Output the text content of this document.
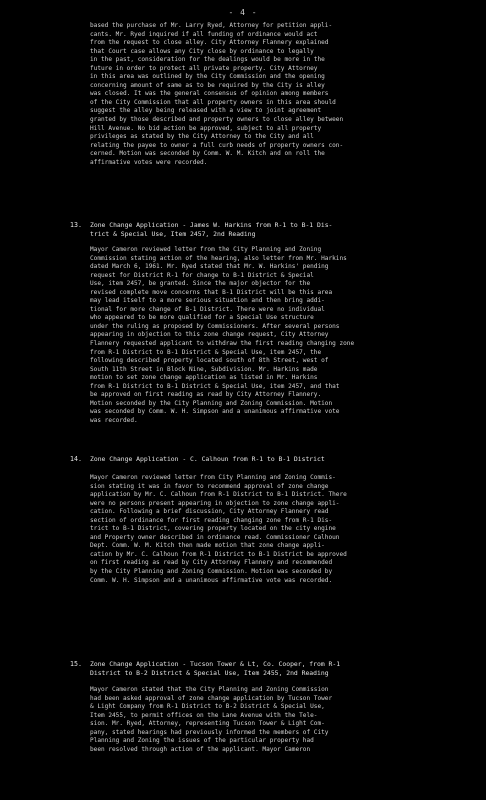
- 4 -
based the purchase of Mr. Larry Ryed, Attorney for petition appli-
cants. Mr. Ryed inquired if all funding of ordinance would act
from the request to close alley. City Attorney Flannery explained
that Court case allows any City close by ordinance to legally
in the past, consideration for the dealings would be more in the
future in order to protect all private property. City Attorney
in this area was outlined by the City Commission and the opening
concerning amount of same as to be required by the City is alley
was closed. It was the general consensus of opinion among members
of the City Commission that all property owners in this area should
suggest the alley being released with a view to joint agreement
granted by those described and property owners to close alley between
Hill Avenue. No bid action be approved, subject to all property
privileges as stated by the City Attorney to the City and all
relating the payee to owner a full curb needs of property owners con-
cerned. Motion was seconded by Comm. W. M. Kitch and on roll the
affirmative votes were recorded.
13. Zone Change Application - James W. Harkins from R-1 to B-1 Dis-
trict & Special Use, Item 2457, 2nd Reading
Mayor Cameron reviewed letter from the City Planning and Zoning
Commission stating action of the hearing, also letter from Mr. Harkins
dated March 6, 1961. Mr. Ryed stated that Mr. W. Harkins' pending
request for District R-1 for change to B-1 District & Special
Use, item 2457, be granted. Since the major objector for the
revised complete move concerns that B-1 District will be this area
may lead itself to a more serious situation and then bring addi-
tional for more change of B-1 District. There were no individual
who appeared to be more qualified for a Special Use structure
under the ruling as proposed by Commissioners. After several persons
appearing in objection to this zone change request, City Attorney
Flannery requested applicant to withdraw the first reading changing zone
from R-1 District to B-1 District & Special Use, item 2457, the
following described property located south of 8th Street, west of
South 11th Street in Block Nine, Subdivision. Mr. Harkins made
motion to set zone change application as listed in Mr. Harkins
from R-1 District to B-1 District & Special Use, item 2457, and that
be approved on first reading as read by City Attorney Flannery.
Motion seconded by the City Planning and Zoning Commission. Motion
was seconded by Comm. W. H. Simpson and a unanimous affirmative vote
was recorded.
14. Zone Change Application - C. Calhoun from R-1 to B-1 District
Mayor Cameron reviewed letter from City Planning and Zoning Commis-
sion stating it was in favor to recommend approval of zone change
application by Mr. C. Calhoun from R-1 District to B-1 District. There
were no persons present appearing in objection to zone change appli-
cation. Following a brief discussion, City Attorney Flannery read
section of ordinance for first reading changing zone from R-1 Dis-
trict to B-1 District, covering property located on the city engine
and Property owner described in ordinance read. Commissioner Calhoun
Dept. Comm. W. M. Kitch then made motion that zone change appli-
cation by Mr. C. Calhoun from R-1 District to B-1 District be approved
on first reading as read by City Attorney Flannery and recommended
by the City Planning and Zoning Commission. Motion was seconded by
Comm. W. H. Simpson and a unanimous affirmative vote was recorded.
15. Zone Change Application - Tucson Tower & Lt, Co. Cooper, from R-1
District to B-2 District & Special Use, Item 2455, 2nd Reading
Mayor Cameron stated that the City Planning and Zoning Commission
had been asked approval of zone change application by Tucson Tower
& Light Company from R-1 District to B-2 District & Special Use,
Item 2455, to permit offices on the Lane Avenue with the Tele-
sion. Mr. Ryed, Attorney, representing Tucson Tower & Light Com-
pany, stated hearings had previously informed the members of City
Planning and Zoning the issues of the particular property had
been resolved through action of the applicant. Mayor Cameron
